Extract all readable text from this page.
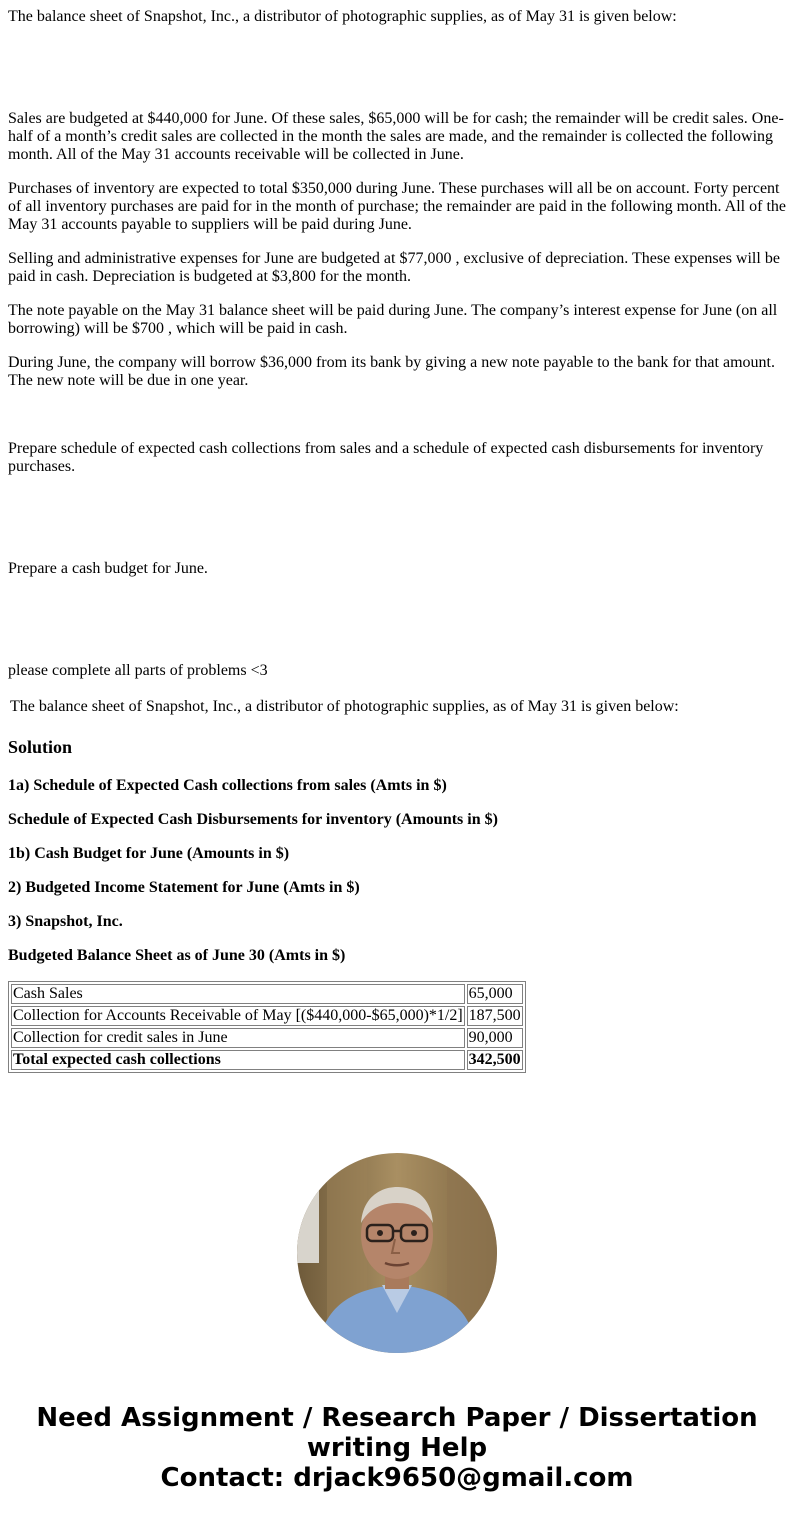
The balance sheet of Snapshot, Inc., a distributor of photographic supplies, as of May 31 is given below:

Sales are budgeted at $440,000 for June. Of these sales, $65,000 will be for cash; the remainder will be credit sales. One-half of a month’s credit sales are collected in the month the sales are made, and the remainder is collected the following month. All of the May 31 accounts receivable will be collected in June.

Purchases of inventory are expected to total $350,000 during June. These purchases will all be on account. Forty percent of all inventory purchases are paid for in the month of purchase; the remainder are paid in the following month. All of the May 31 accounts payable to suppliers will be paid during June.

Selling and administrative expenses for June are budgeted at $77,000 , exclusive of depreciation. These expenses will be paid in cash. Depreciation is budgeted at $3,800 for the month.

The note payable on the May 31 balance sheet will be paid during June. The company’s interest expense for June (on all borrowing) will be $700 , which will be paid in cash.

During June, the company will borrow $36,000 from its bank by giving a new note payable to the bank for that amount. The new note will be due in one year.

Prepare schedule of expected cash collections from sales and a schedule of expected cash disbursements for inventory purchases.

Prepare a cash budget for June.

please complete all parts of problems <3

The balance sheet of Snapshot, Inc., a distributor of photographic supplies, as of May 31 is given below:

Solution
1a) Schedule of Expected Cash collections from sales (Amts in $)
Schedule of Expected Cash Disbursements for inventory (Amounts in $)
1b) Cash Budget for June (Amounts in $)
2) Budgeted Income Statement for June (Amts in $)
3) Snapshot, Inc.
Budgeted Balance Sheet as of June 30 (Amts in $)
Cash Sales	65,000
Collection for Accounts Receivable of May [($440,000-$65,000)*1/2]	187,500
Collection for credit sales in June	90,000
Total expected cash collections	342,500
Need Assignment / Research Paper / Dissertation
writing Help
Contact: drjack9650@gmail.com
